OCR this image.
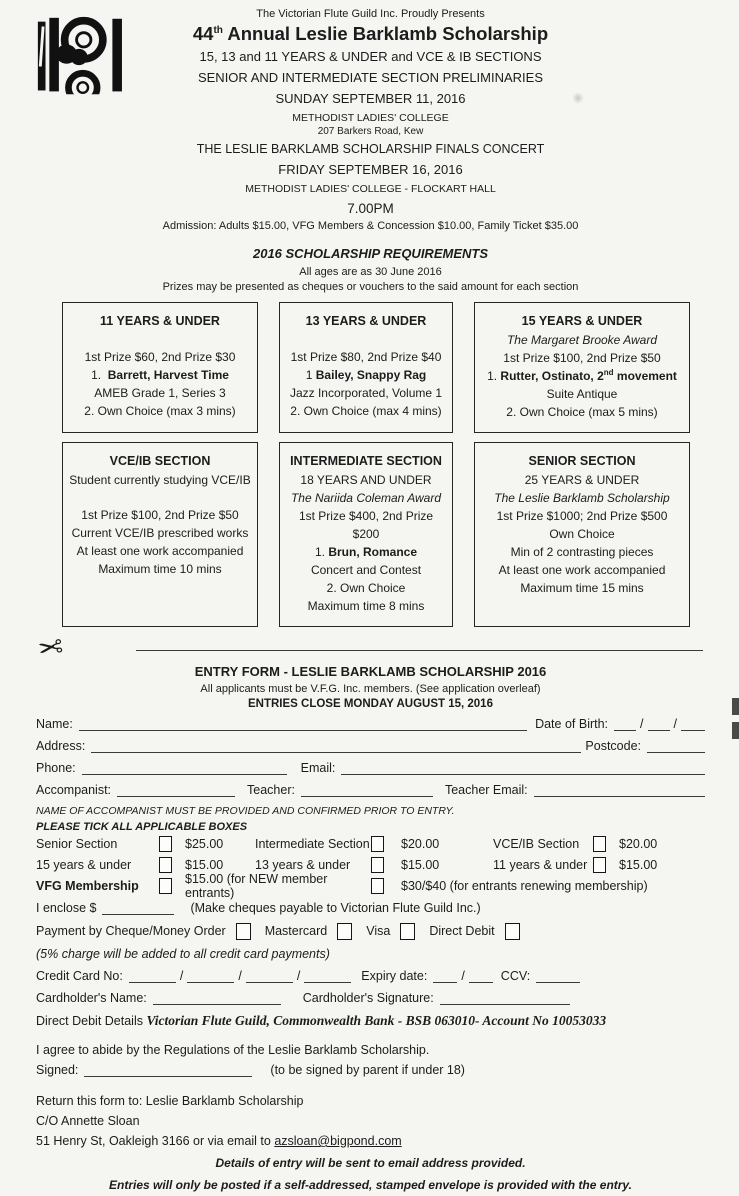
The Victorian Flute Guild Inc. Proudly Presents
44th Annual Leslie Barklamb Scholarship
15, 13 and 11 YEARS & UNDER and VCE & IB SECTIONS
SENIOR AND INTERMEDIATE SECTION PRELIMINARIES
SUNDAY SEPTEMBER 11, 2016
METHODIST LADIES' COLLEGE
207 Barkers Road, Kew
THE LESLIE BARKLAMB SCHOLARSHIP FINALS CONCERT
FRIDAY SEPTEMBER 16, 2016
METHODIST LADIES' COLLEGE - FLOCKART HALL
7.00PM
Admission: Adults $15.00, VFG Members & Concession $10.00, Family Ticket $35.00
2016 SCHOLARSHIP REQUIREMENTS
All ages are as 30 June 2016
Prizes may be presented as cheques or vouchers to the said amount for each section
11 YEARS & UNDER
1st Prize $60, 2nd Prize $30
1. Barrett, Harvest Time
AMEB Grade 1, Series 3
2. Own Choice (max 3 mins)
13 YEARS & UNDER
1st Prize $80, 2nd Prize $40
1 Bailey, Snappy Rag
Jazz Incorporated, Volume 1
2. Own Choice (max 4 mins)
15 YEARS & UNDER
The Margaret Brooke Award
1st Prize $100, 2nd Prize $50
1. Rutter, Ostinato, 2nd movement
Suite Antique
2. Own Choice (max 5 mins)
VCE/IB SECTION
Student currently studying VCE/IB
1st Prize $100, 2nd Prize $50
Current VCE/IB prescribed works
At least one work accompanied
Maximum time 10 mins
INTERMEDIATE SECTION
18 YEARS AND UNDER
The Nariida Coleman Award
1st Prize $400, 2nd Prize $200
1. Brun, Romance
Concert and Contest
2. Own Choice
Maximum time 8 mins
SENIOR SECTION
25 YEARS & UNDER
The Leslie Barklamb Scholarship
1st Prize $1000; 2nd Prize $500
Own Choice
Min of 2 contrasting pieces
At least one work accompanied
Maximum time 15 mins
✂
ENTRY FORM - LESLIE BARKLAMB SCHOLARSHIP 2016
All applicants must be V.F.G. Inc. members. (See application overleaf)
ENTRIES CLOSE MONDAY AUGUST 15, 2016
Name:	Date of Birth:	/ /
Address:	Postcode:
Phone:	Email:
Accompanist:	Teacher:	Teacher Email:
NAME OF ACCOMPANIST MUST BE PROVIDED AND CONFIRMED PRIOR TO ENTRY.
PLEASE TICK ALL APPLICABLE BOXES
Senior Section	$25.00	Intermediate Section	$20.00	VCE/IB Section	$20.00
15 years & under	$15.00	13 years & under	$15.00	11 years & under	$15.00
VFG Membership	$15.00 (for NEW member entrants)	$30/$40 (for entrants renewing membership)
I enclose $	(Make cheques payable to Victorian Flute Guild Inc.)
Payment by Cheque/Money Order	Mastercard	Visa	Direct Debit
(5% charge will be added to all credit card payments)
Credit Card No:	/	/	/	Expiry date:	/	CCV:
Cardholder's Name:	Cardholder's Signature:
Direct Debit Details Victorian Flute Guild, Commonwealth Bank - BSB 063010- Account No 10053033
I agree to abide by the Regulations of the Leslie Barklamb Scholarship.
Signed:	(to be signed by parent if under 18)
Return this form to: Leslie Barklamb Scholarship
C/O Annette Sloan
51 Henry St, Oakleigh 3166 or via email to azsloan@bigpond.com
Details of entry will be sent to email address provided.
Entries will only be posted if a self-addressed, stamped envelope is provided with the entry.
